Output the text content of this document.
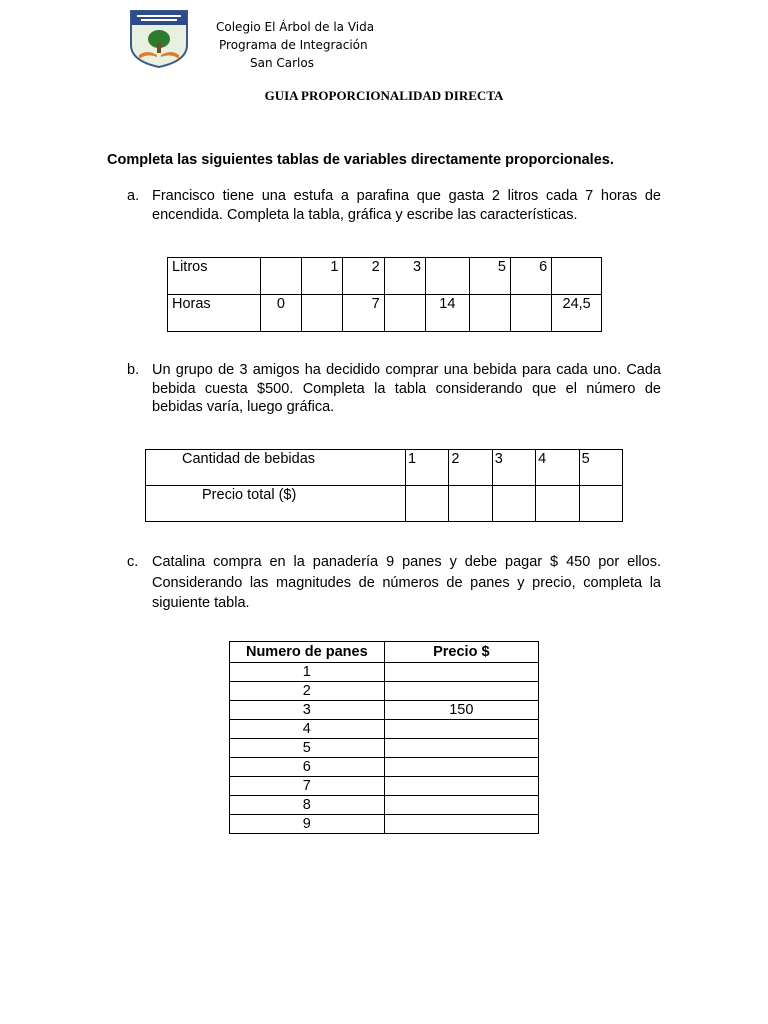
Colegio El Árbol de la Vida
Programa de Integración
San Carlos
GUIA PROPORCIONALIDAD DIRECTA
Completa las siguientes tablas de variables directamente proporcionales.
a. Francisco tiene una estufa a parafina que gasta 2 litros cada 7 horas de encendida. Completa la tabla, gráfica y escribe las características.
Litros		1	2	3		5	6	
Horas	0		7		14			24,5
b. Un grupo de 3 amigos ha decidido comprar una bebida para cada uno. Cada bebida cuesta $500. Completa la tabla considerando que el número de bebidas varía, luego gráfica.
Cantidad de bebidas	1	2	3	4	5
Precio total ($)					
c. Catalina compra en la panadería 9 panes y debe pagar $ 450 por ellos. Considerando las magnitudes de números de panes y precio, completa la siguiente tabla.
Numero de panes	Precio $
1	
2	
3	150
4	
5	
6	
7	
8	
9	
